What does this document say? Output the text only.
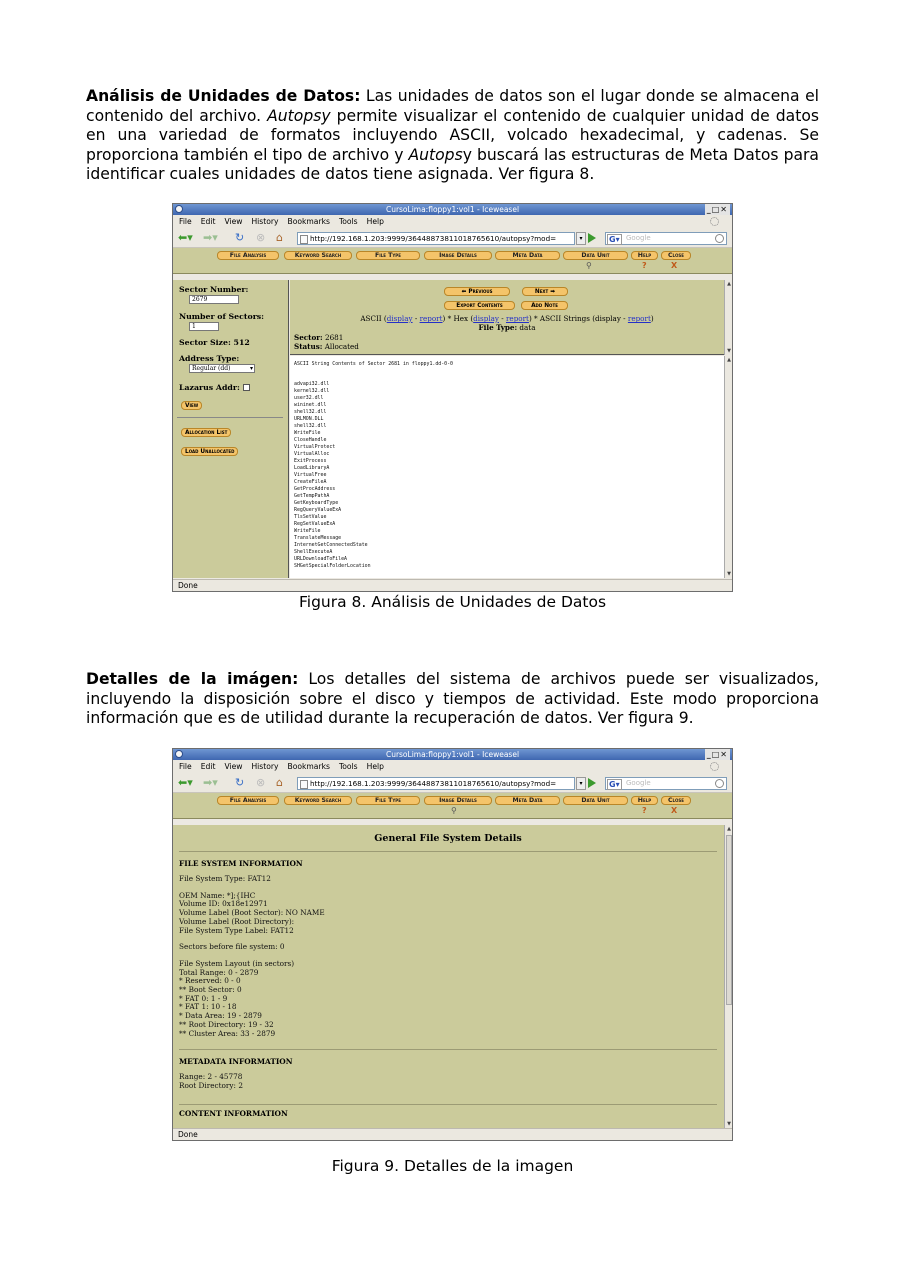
Análisis de Unidades de Datos: Las unidades de datos son el lugar donde se almacena el contenido del archivo. Autopsy permite visualizar el contenido de cualquier unidad de datos en una variedad de formatos incluyendo ASCII, volcado hexadecimal, y cadenas. Se proporciona también el tipo de archivo y Autopsy buscará las estructuras de Meta Datos para identificar cuales unidades de datos tiene asignada. Ver figura 8.
CursoLima:floppy1:vol1 - Iceweasel	_□✕
File Edit View History Bookmarks Tools Help
⬅▾ ➡▾ ↻ ⊗ ⌂	http://192.168.1.203:9999/3644887381101876561​0/autopsy?mod=	▾	G▾ Google
File Analysis	Keyword Search	File Type	Image Details	Meta Data	Data Unit	Help	Close
⚲	?	X
Sector Number:
2679
Number of Sectors:
1
Sector Size: 512
Address Type:
Regular (dd)	▾
Lazarus Addr:
View
Allocation List
Load Unallocated
⬅ Previous	Next ➡
Export Contents	Add Note
ASCII (display - report) * Hex (display - report) * ASCII Strings (display - report)
File Type: data
Sector: 2681
Status: Allocated
▲
▼
ASCII String Contents of Sector 2681 in floppy1.dd-0-0
advapi32.dll
kernel32.dll
user32.dll
wininet.dll
shell32.dll
URLMON.DLL
shell32.dll
WriteFile
CloseHandle
VirtualProtect
VirtualAlloc
ExitProcess
LoadLibraryA
VirtualFree
CreateFileA
GetProcAddress
GetTempPathA
GetKeyboardType
RegQueryValueExA
TlsSetValue
RegSetValueExA
WriteFile
TranslateMessage
InternetGetConnectedState
ShellExecuteA
URLDownloadToFileA
SHGetSpecialFolderLocation
▲
▼
Done
Figura 8. Análisis de Unidades de Datos
Detalles de la imágen: Los detalles del sistema de archivos puede ser visualizados, incluyendo la disposición sobre el disco y tiempos de actividad. Este modo proporciona información que es de utilidad durante la recuperación de datos. Ver figura 9.
CursoLima:floppy1:vol1 - Iceweasel	_□✕
File Edit View History Bookmarks Tools Help
⬅▾ ➡▾ ↻ ⊗ ⌂	http://192.168.1.203:9999/3644887381101876561​0/autopsy?mod=	▾	G▾ Google
File Analysis	Keyword Search	File Type	Image Details	Meta Data	Data Unit	Help	Close
⚲	?	X
General File System Details
FILE SYSTEM INFORMATION
File System Type: FAT12
OEM Name: *];{IHC
Volume ID: 0x18e12971
Volume Label (Boot Sector): NO NAME
Volume Label (Root Directory):
File System Type Label: FAT12
Sectors before file system: 0
File System Layout (in sectors)
Total Range: 0 - 2879
* Reserved: 0 - 0
** Boot Sector: 0
* FAT 0: 1 - 9
* FAT 1: 10 - 18
* Data Area: 19 - 2879
** Root Directory: 19 - 32
** Cluster Area: 33 - 2879
METADATA INFORMATION
Range: 2 - 45778
Root Directory: 2
CONTENT INFORMATION
▲
▼
Done
Figura 9. Detalles de la imagen
